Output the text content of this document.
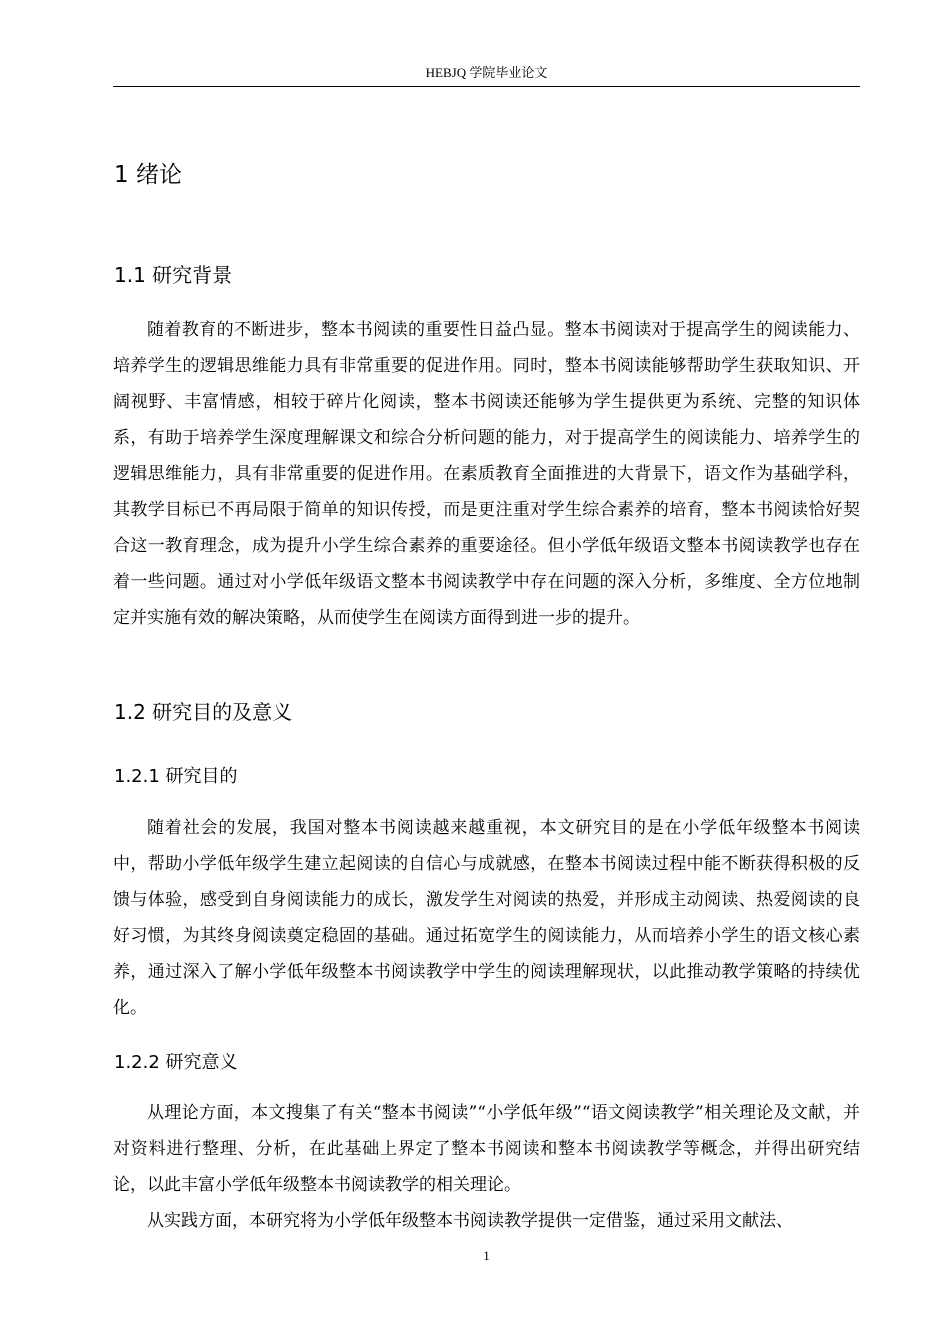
HEBJQ 学院毕业论文
1 绪论
1.1 研究背景
随着教育的不断进步，整本书阅读的重要性日益凸显。整本书阅读对于提高学生的阅读能力、培养学生的逻辑思维能力具有非常重要的促进作用。同时，整本书阅读能够帮助学生获取知识、开阔视野、丰富情感，相较于碎片化阅读，整本书阅读还能够为学生提供更为系统、完整的知识体系，有助于培养学生深度理解课文和综合分析问题的能力，对于提高学生的阅读能力、培养学生的逻辑思维能力，具有非常重要的促进作用。在素质教育全面推进的大背景下，语文作为基础学科，其教学目标已不再局限于简单的知识传授，而是更注重对学生综合素养的培育，整本书阅读恰好契合这一教育理念，成为提升小学生综合素养的重要途径。但小学低年级语文整本书阅读教学也存在着一些问题。通过对小学低年级语文整本书阅读教学中存在问题的深入分析，多维度、全方位地制定并实施有效的解决策略，从而使学生在阅读方面得到进一步的提升。
1.2 研究目的及意义
1.2.1 研究目的
随着社会的发展，我国对整本书阅读越来越重视，本文研究目的是在小学低年级整本书阅读中，帮助小学低年级学生建立起阅读的自信心与成就感，在整本书阅读过程中能不断获得积极的反馈与体验，感受到自身阅读能力的成长，激发学生对阅读的热爱，并形成主动阅读、热爱阅读的良好习惯，为其终身阅读奠定稳固的基础。通过拓宽学生的阅读能力，从而培养小学生的语文核心素养，通过深入了解小学低年级整本书阅读教学中学生的阅读理解现状，以此推动教学策略的持续优化。
1.2.2 研究意义
从理论方面，本文搜集了有关“整本书阅读”“小学低年级”“语文阅读教学”相关理论及文献，并对资料进行整理、分析，在此基础上界定了整本书阅读和整本书阅读教学等概念，并得出研究结论，以此丰富小学低年级整本书阅读教学的相关理论。
从实践方面，本研究将为小学低年级整本书阅读教学提供一定借鉴，通过采用文献法、
1
